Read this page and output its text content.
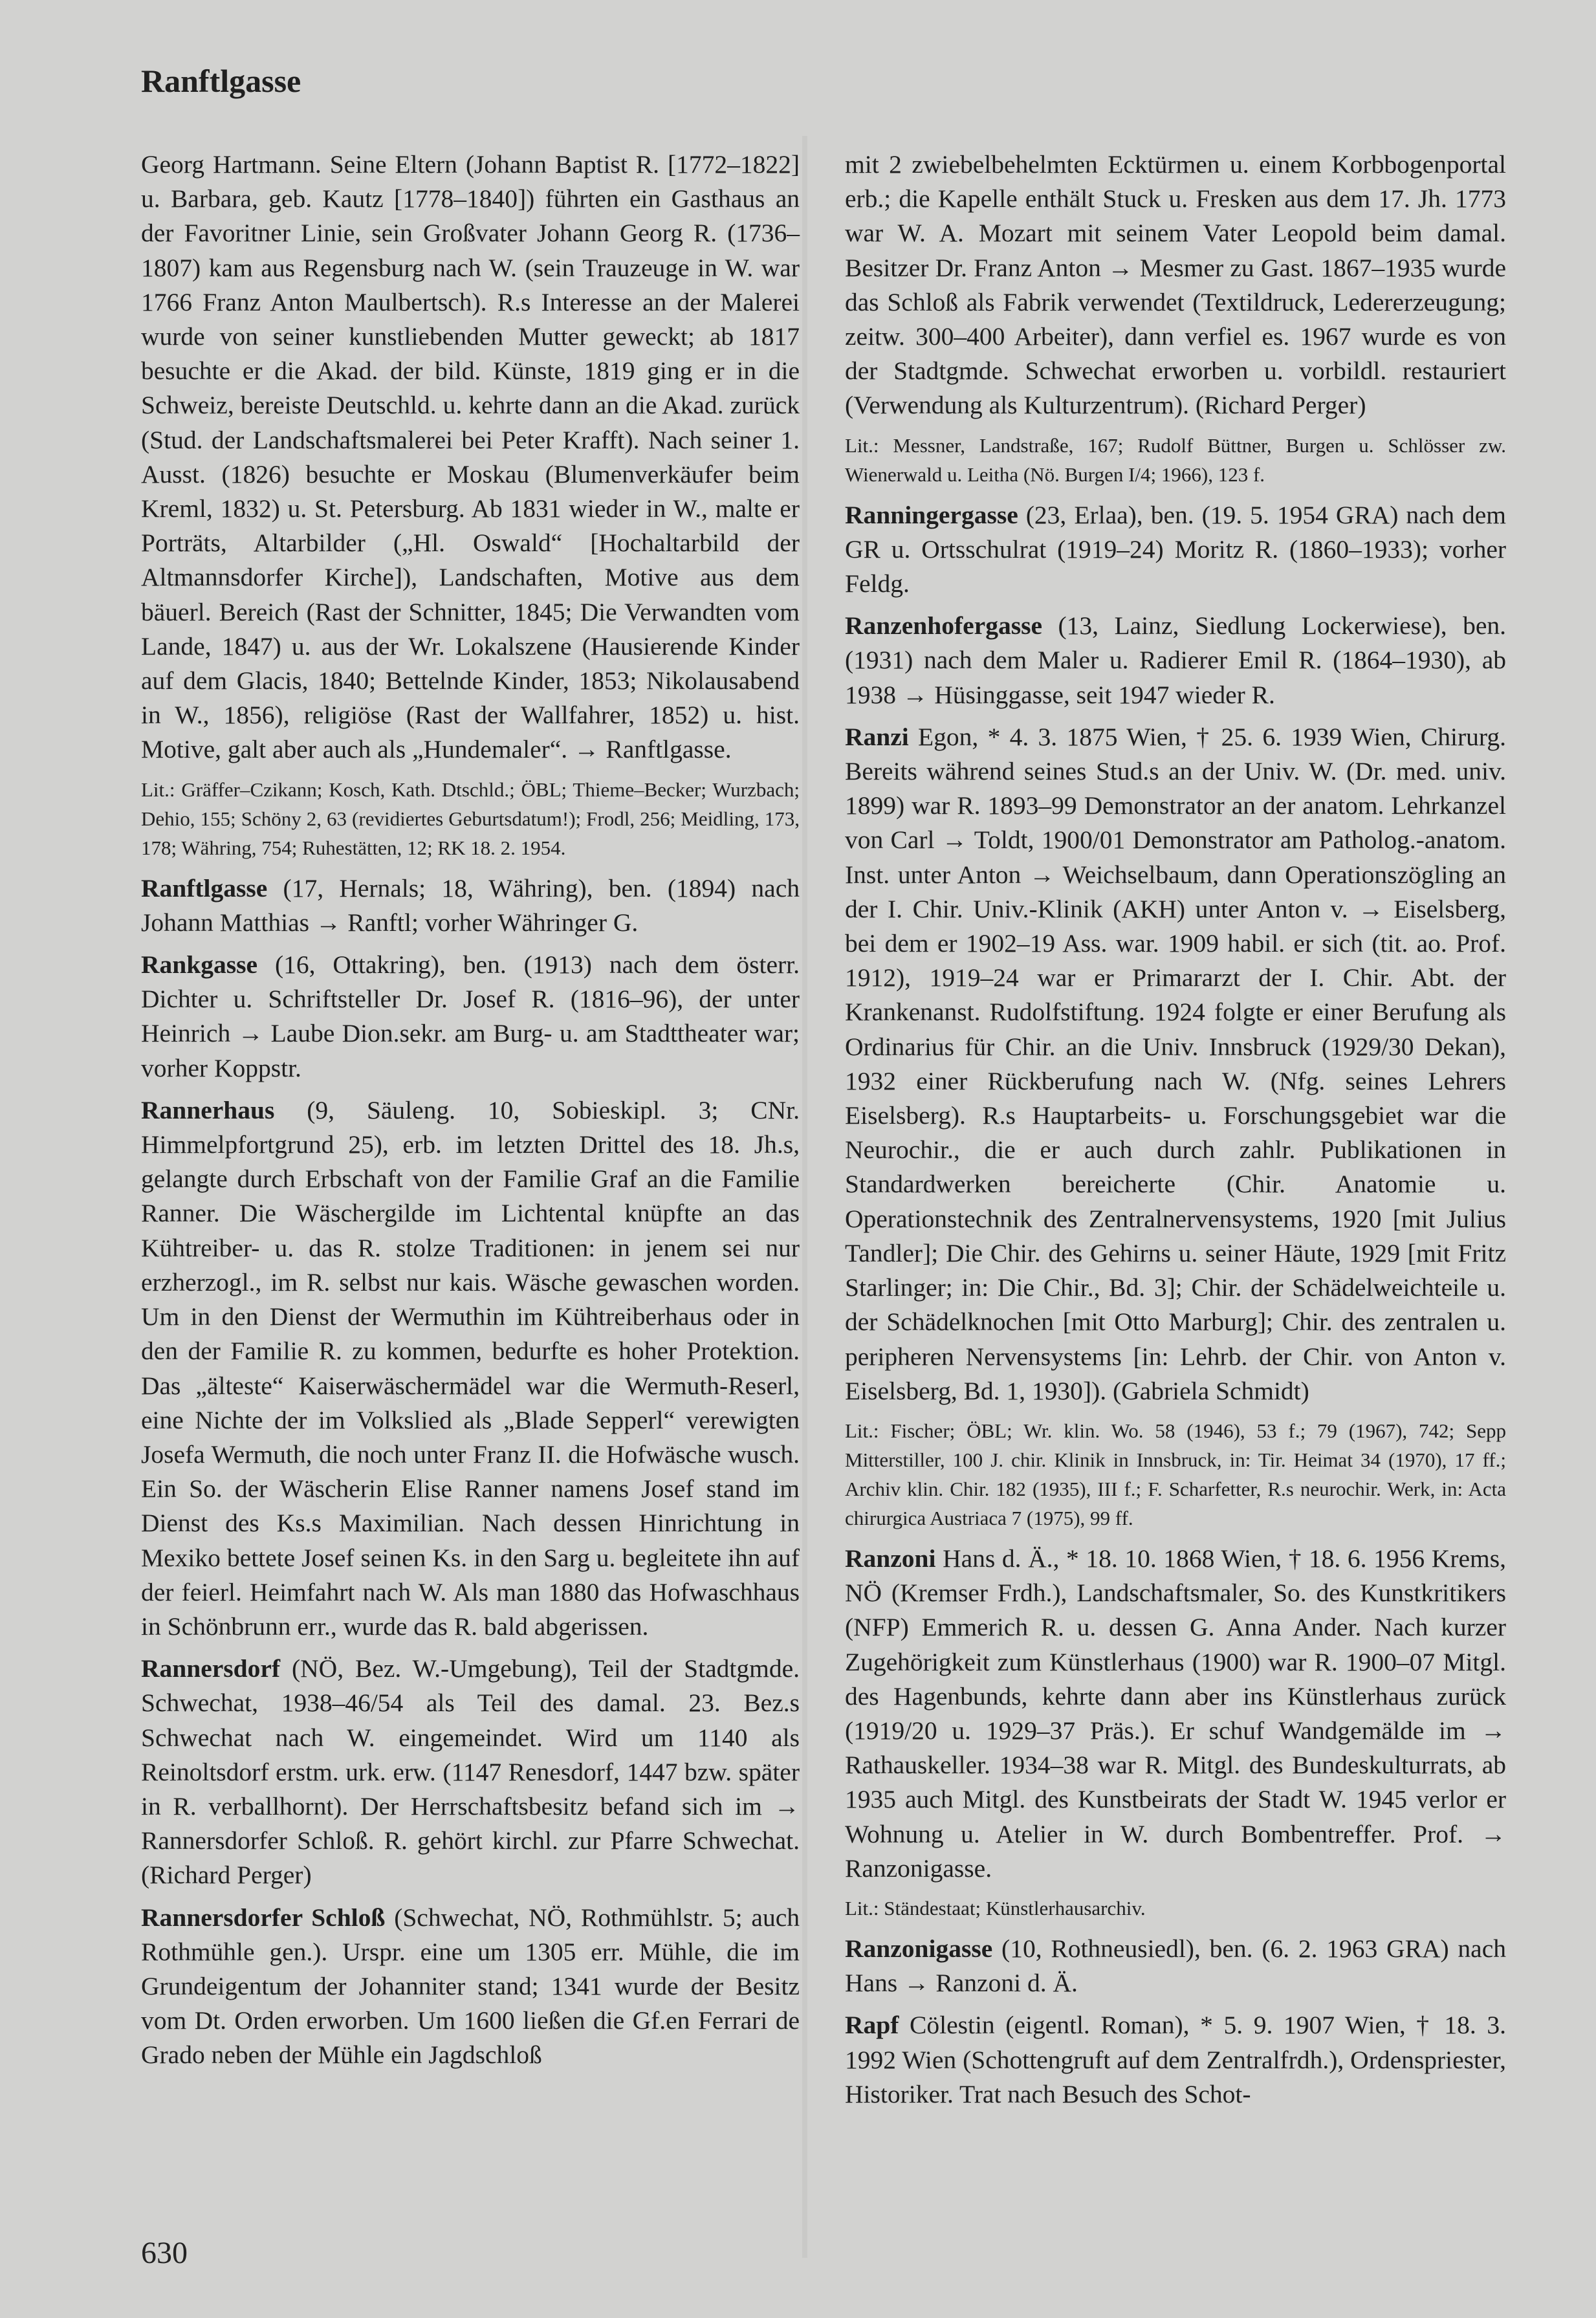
Ranftlgasse

Georg Hartmann. Seine Eltern (Johann Baptist R. [1772–1822] u. Barbara, geb. Kautz [1778–1840]) führten ein Gasthaus an der Favoritner Linie, sein Großvater Johann Georg R. (1736–1807) kam aus Regensburg nach W. (sein Trauzeuge in W. war 1766 Franz Anton Maulbertsch). R.s Interesse an der Malerei wurde von seiner kunstliebenden Mutter geweckt; ab 1817 besuchte er die Akad. der bild. Künste, 1819 ging er in die Schweiz, bereiste Deutschld. u. kehrte dann an die Akad. zurück (Stud. der Landschaftsmalerei bei Peter Krafft). Nach seiner 1. Ausst. (1826) besuchte er Moskau (Blumenverkäufer beim Kreml, 1832) u. St. Petersburg. Ab 1831 wieder in W., malte er Porträts, Altarbilder („Hl. Oswald“ [Hochaltarbild der Altmannsdorfer Kirche]), Landschaften, Motive aus dem bäuerl. Bereich (Rast der Schnitter, 1845; Die Verwandten vom Lande, 1847) u. aus der Wr. Lokalszene (Hausierende Kinder auf dem Glacis, 1840; Bettelnde Kinder, 1853; Nikolausabend in W., 1856), religiöse (Rast der Wallfahrer, 1852) u. hist. Motive, galt aber auch als „Hundemaler“. → Ranftlgasse.

Lit.: Gräffer–Czikann; Kosch, Kath. Dtschld.; ÖBL; Thieme–Becker; Wurzbach; Dehio, 155; Schöny 2, 63 (revidiertes Geburtsdatum!); Frodl, 256; Meidling, 173, 178; Währing, 754; Ruhestätten, 12; RK 18. 2. 1954.

Ranftlgasse (17, Hernals; 18, Währing), ben. (1894) nach Johann Matthias → Ranftl; vorher Währinger G.

Rankgasse (16, Ottakring), ben. (1913) nach dem österr. Dichter u. Schriftsteller Dr. Josef R. (1816–96), der unter Heinrich → Laube Dion.sekr. am Burg- u. am Stadttheater war; vorher Koppstr.

Rannerhaus (9, Säuleng. 10, Sobieskipl. 3; CNr. Himmelpfortgrund 25), erb. im letzten Drittel des 18. Jh.s, gelangte durch Erbschaft von der Familie Graf an die Familie Ranner. Die Wäschergilde im Lichtental knüpfte an das Kühtreiber- u. das R. stolze Traditionen: in jenem sei nur erzherzogl., im R. selbst nur kais. Wäsche gewaschen worden. Um in den Dienst der Wermuthin im Kühtreiberhaus oder in den der Familie R. zu kommen, bedurfte es hoher Protektion. Das „älteste“ Kaiserwäschermädel war die Wermuth-Reserl, eine Nichte der im Volkslied als „Blade Sepperl“ verewigten Josefa Wermuth, die noch unter Franz II. die Hofwäsche wusch. Ein So. der Wäscherin Elise Ranner namens Josef stand im Dienst des Ks.s Maximilian. Nach dessen Hinrichtung in Mexiko bettete Josef seinen Ks. in den Sarg u. begleitete ihn auf der feierl. Heimfahrt nach W. Als man 1880 das Hofwaschhaus in Schönbrunn err., wurde das R. bald abgerissen.

Rannersdorf (NÖ, Bez. W.-Umgebung), Teil der Stadtgmde. Schwechat, 1938–46/54 als Teil des damal. 23. Bez.s Schwechat nach W. eingemeindet. Wird um 1140 als Reinoltsdorf erstm. urk. erw. (1147 Renesdorf, 1447 bzw. später in R. verballhornt). Der Herrschaftsbesitz befand sich im → Rannersdorfer Schloß. R. gehört kirchl. zur Pfarre Schwechat. (Richard Perger)

Rannersdorfer Schloß (Schwechat, NÖ, Rothmühlstr. 5; auch Rothmühle gen.). Urspr. eine um 1305 err. Mühle, die im Grundeigentum der Johanniter stand; 1341 wurde der Besitz vom Dt. Orden erworben. Um 1600 ließen die Gf.en Ferrari de Grado neben der Mühle ein Jagdschloß

mit 2 zwiebelbehelmten Ecktürmen u. einem Korbbogenportal erb.; die Kapelle enthält Stuck u. Fresken aus dem 17. Jh. 1773 war W. A. Mozart mit seinem Vater Leopold beim damal. Besitzer Dr. Franz Anton → Mesmer zu Gast. 1867–1935 wurde das Schloß als Fabrik verwendet (Textildruck, Ledererzeugung; zeitw. 300–400 Arbeiter), dann verfiel es. 1967 wurde es von der Stadtgmde. Schwechat erworben u. vorbildl. restauriert (Verwendung als Kulturzentrum). (Richard Perger)

Lit.: Messner, Landstraße, 167; Rudolf Büttner, Burgen u. Schlösser zw. Wienerwald u. Leitha (Nö. Burgen I/4; 1966), 123 f.

Ranningergasse (23, Erlaa), ben. (19. 5. 1954 GRA) nach dem GR u. Ortsschulrat (1919–24) Moritz R. (1860–1933); vorher Feldg.

Ranzenhofergasse (13, Lainz, Siedlung Lockerwiese), ben. (1931) nach dem Maler u. Radierer Emil R. (1864–1930), ab 1938 → Hüsinggasse, seit 1947 wieder R.

Ranzi Egon, * 4. 3. 1875 Wien, † 25. 6. 1939 Wien, Chirurg. Bereits während seines Stud.s an der Univ. W. (Dr. med. univ. 1899) war R. 1893–99 Demonstrator an der anatom. Lehrkanzel von Carl → Toldt, 1900/01 Demonstrator am Patholog.-anatom. Inst. unter Anton → Weichselbaum, dann Operationszögling an der I. Chir. Univ.-Klinik (AKH) unter Anton v. → Eiselsberg, bei dem er 1902–19 Ass. war. 1909 habil. er sich (tit. ao. Prof. 1912), 1919–24 war er Primararzt der I. Chir. Abt. der Krankenanst. Rudolfstiftung. 1924 folgte er einer Berufung als Ordinarius für Chir. an die Univ. Innsbruck (1929/30 Dekan), 1932 einer Rückberufung nach W. (Nfg. seines Lehrers Eiselsberg). R.s Hauptarbeits- u. Forschungsgebiet war die Neurochir., die er auch durch zahlr. Publikationen in Standardwerken bereicherte (Chir. Anatomie u. Operationstechnik des Zentralnervensystems, 1920 [mit Julius Tandler]; Die Chir. des Gehirns u. seiner Häute, 1929 [mit Fritz Starlinger; in: Die Chir., Bd. 3]; Chir. der Schädelweichteile u. der Schädelknochen [mit Otto Marburg]; Chir. des zentralen u. peripheren Nervensystems [in: Lehrb. der Chir. von Anton v. Eiselsberg, Bd. 1, 1930]). (Gabriela Schmidt)

Lit.: Fischer; ÖBL; Wr. klin. Wo. 58 (1946), 53 f.; 79 (1967), 742; Sepp Mitterstiller, 100 J. chir. Klinik in Innsbruck, in: Tir. Heimat 34 (1970), 17 ff.; Archiv klin. Chir. 182 (1935), III f.; F. Scharfetter, R.s neurochir. Werk, in: Acta chirurgica Austriaca 7 (1975), 99 ff.

Ranzoni Hans d. Ä., * 18. 10. 1868 Wien, † 18. 6. 1956 Krems, NÖ (Kremser Frdh.), Landschaftsmaler, So. des Kunstkritikers (NFP) Emmerich R. u. dessen G. Anna Ander. Nach kurzer Zugehörigkeit zum Künstlerhaus (1900) war R. 1900–07 Mitgl. des Hagenbunds, kehrte dann aber ins Künstlerhaus zurück (1919/20 u. 1929–37 Präs.). Er schuf Wandgemälde im → Rathauskeller. 1934–38 war R. Mitgl. des Bundeskulturrats, ab 1935 auch Mitgl. des Kunstbeirats der Stadt W. 1945 verlor er Wohnung u. Atelier in W. durch Bombentreffer. Prof. → Ranzonigasse.

Lit.: Ständestaat; Künstlerhausarchiv.

Ranzonigasse (10, Rothneusiedl), ben. (6. 2. 1963 GRA) nach Hans → Ranzoni d. Ä.

Rapf Cölestin (eigentl. Roman), * 5. 9. 1907 Wien, † 18. 3. 1992 Wien (Schottengruft auf dem Zentralfrdh.), Ordenspriester, Historiker. Trat nach Besuch des Schot-

630
